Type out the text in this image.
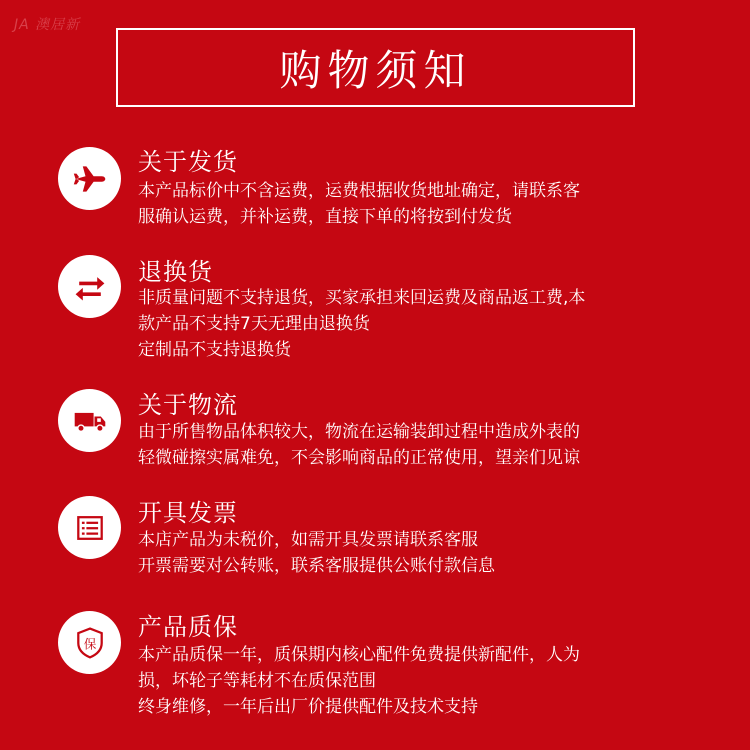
JA 澳居新
购物须知
关于发货
本产品标价中不含运费，运费根据收货地址确定，请联系客
服确认运费，并补运费，直接下单的将按到付发货
退换货
非质量问题不支持退货，买家承担来回运费及商品返工费,本
款产品不支持7天无理由退换货
定制品不支持退换货
关于物流
由于所售物品体积较大，物流在运输装卸过程中造成外表的
轻微碰擦实属难免，不会影响商品的正常使用，望亲们见谅
开具发票
本店产品为未税价，如需开具发票请联系客服
开票需要对公转账，联系客服提供公账付款信息
保
产品质保
本产品质保一年，质保期内核心配件免费提供新配件，人为
损，坏轮子等耗材不在质保范围
终身维修，一年后出厂价提供配件及技术支持
